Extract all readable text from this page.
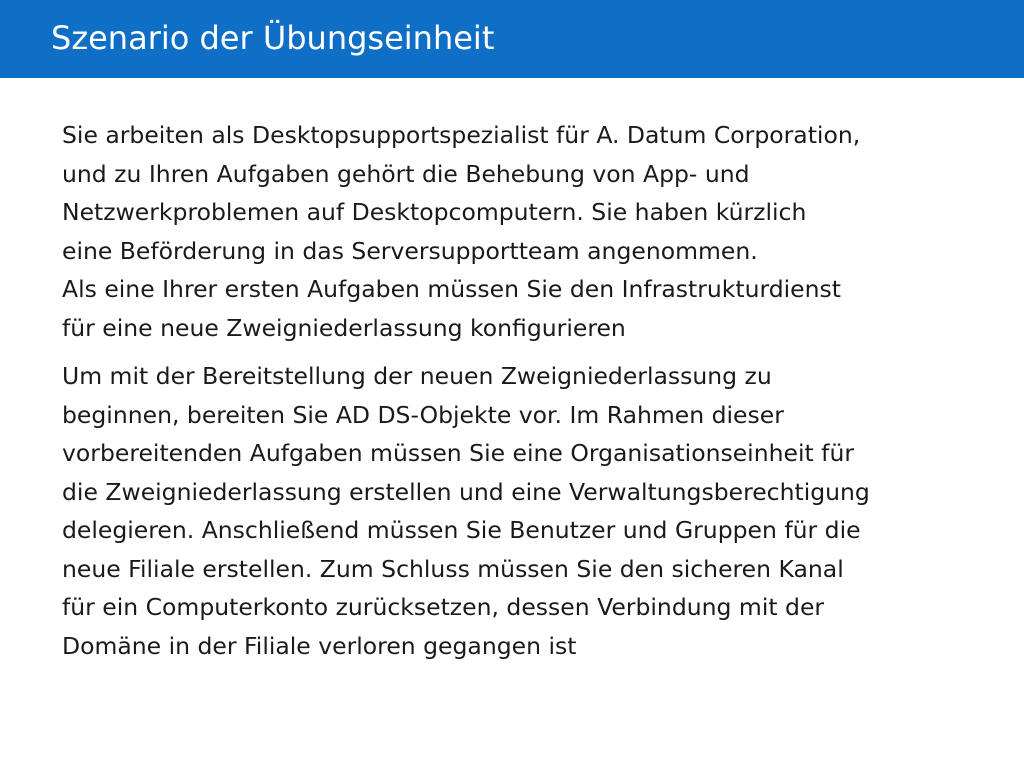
Szenario der Übungseinheit

Sie arbeiten als Desktopsupportspezialist für A. Datum Corporation,
und zu Ihren Aufgaben gehört die Behebung von App- und
Netzwerkproblemen auf Desktopcomputern. Sie haben kürzlich
eine Beförderung in das Serversupportteam angenommen.
Als eine Ihrer ersten Aufgaben müssen Sie den Infrastrukturdienst
für eine neue Zweigniederlassung konfigurieren

Um mit der Bereitstellung der neuen Zweigniederlassung zu
beginnen, bereiten Sie AD DS-Objekte vor. Im Rahmen dieser
vorbereitenden Aufgaben müssen Sie eine Organisationseinheit für
die Zweigniederlassung erstellen und eine Verwaltungsberechtigung
delegieren. Anschließend müssen Sie Benutzer und Gruppen für die
neue Filiale erstellen. Zum Schluss müssen Sie den sicheren Kanal
für ein Computerkonto zurücksetzen, dessen Verbindung mit der
Domäne in der Filiale verloren gegangen ist
